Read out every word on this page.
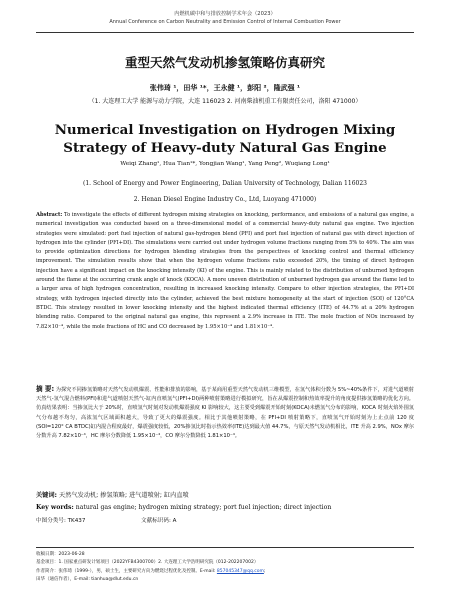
内燃机碳中和与排放控制学术年会（2023）
Annual Conference on Carbon Neutrality and Emission Control of Internal Combustion Power
重型天然气发动机掺氢策略仿真研究
张伟琦 ¹，田华 ¹*，王永健 ¹，彭阳 ²，隆武强 ¹
（1. 大连理工大学 能源与动力学院，大连 116023 2. 河南柴油机重工有限责任公司，洛阳 471000）
Numerical Investigation on Hydrogen Mixing Strategy of Heavy-duty Natural Gas Engine
Weiqi Zhang¹, Hua Tian¹*, Yongjian Wang¹, Yang Peng², Wuqiang Long¹
(1. School of Energy and Power Engineering, Dalian University of Technology, Dalian 116023
2. Henan Diesel Engine Industry Co., Ltd, Luoyang 471000)
Abstract: To investigate the effects of different hydrogen mixing strategies on knocking, performance, and emissions of a natural gas engine, a numerical investigation was conducted based on a three-dimensional model of a commercial heavy-duty natural gas engine. Two injection strategies were simulated: port fuel injection of natural gas-hydrogen blend (PFI) and port fuel injection of natural gas with direct injection of hydrogen into the cylinder (PFI+DI). The simulations were carried out under hydrogen volume fractions ranging from 5% to 40%. The aim was to provide optimization directions for hydrogen blending strategies from the perspectives of knocking control and thermal efficiency improvement. The simulation results show that when the hydrogen volume fractions ratio exceeded 20%, the timing of direct hydrogen injection have a significant impact on the knocking intensity (KI) of the engine. This is mainly related to the distribution of unburned hydrogen around the flame at the occurring crank angle of knock (KOCA). A more uneven distribution of unburned hydrogen gas around the flame led to a larger area of high hydrogen concentration, resulting in increased knocking intensity. Compare to other injection strategies, the PFI+DI strategy, with hydrogen injected directly into the cylinder, achieved the best mixture homogeneity at the start of injection (SOI) of 120°CA BTDC. This strategy resulted in lower knocking intensity and the highest indicated thermal efficiency (ITE) of 44.7% at a 20% hydrogen blending ratio. Compared to the original natural gas engine, this represent a 2.9% increase in ITE. The mole fraction of NOx increased by 7.82×10⁻⁴, while the mole fractions of HC and CO decreased by 1.95×10⁻⁴ and 1.81×10⁻⁴.
摘 要: 为探究不同掺氢策略对天然气发动机爆震、性能和排放的影响，基于某商用重型天然气发动机三维模型，在氢气体积分数为 5%~40%条件下，对进气道喷射天然气-氢气混合燃料(PFI)和进气道喷射天然气-缸内直喷氢气(PFI+DI)两种喷射策略进行模拟研究，旨在从爆震控制和热效率提升的角度提供掺氢策略的优化方向。仿真结果表明：当掺氢比大于 20%时，直喷氢气时刻对发动机爆震强度 KI 影响较大，这主要受到爆震开始时刻(KOCA)未燃氢气分布的影响，KOCA 时刻火焰外围氢气分布越不均匀，高浓氢气区域面积越大，导致了更大的爆震强度。相比于其他喷射策略，在 PFI+DI 喷射策略下，直喷氢气开始时刻为上止点前 120 度(SOI=120° CA BTDC)缸内混合程度最好，爆震强度较低，20%掺氢比时指示热效率(ITE)达到最大值 44.7%，与原天然气发动机相比，ITE 升高 2.9%，NOx 摩尔分数升高 7.82×10⁻⁴，HC 摩尔分数降低 1.95×10⁻⁴，CO 摩尔分数降低 1.81×10⁻⁴。
关键词: 天然气发动机; 掺氢策略; 进气道喷射; 缸内直喷
Key words: natural gas engine; hydrogen mixing strategy; port fuel injection; direct injection
中图分类号: TK437	文献标识码: A
收稿日期：2023-06-28
基金项目：1. 国家重点研发计划项目（2022YFB4300700）2. 大连理工大学浩明研究院（012-202207002）
作者简介：张伟琦（1999-），男，硕士生，主要研究方向为燃烧过程优化及控制。E-mail: 857045347@qq.com;
田华（通信作者），E-mail: tianhua@dlut.edu.cn
